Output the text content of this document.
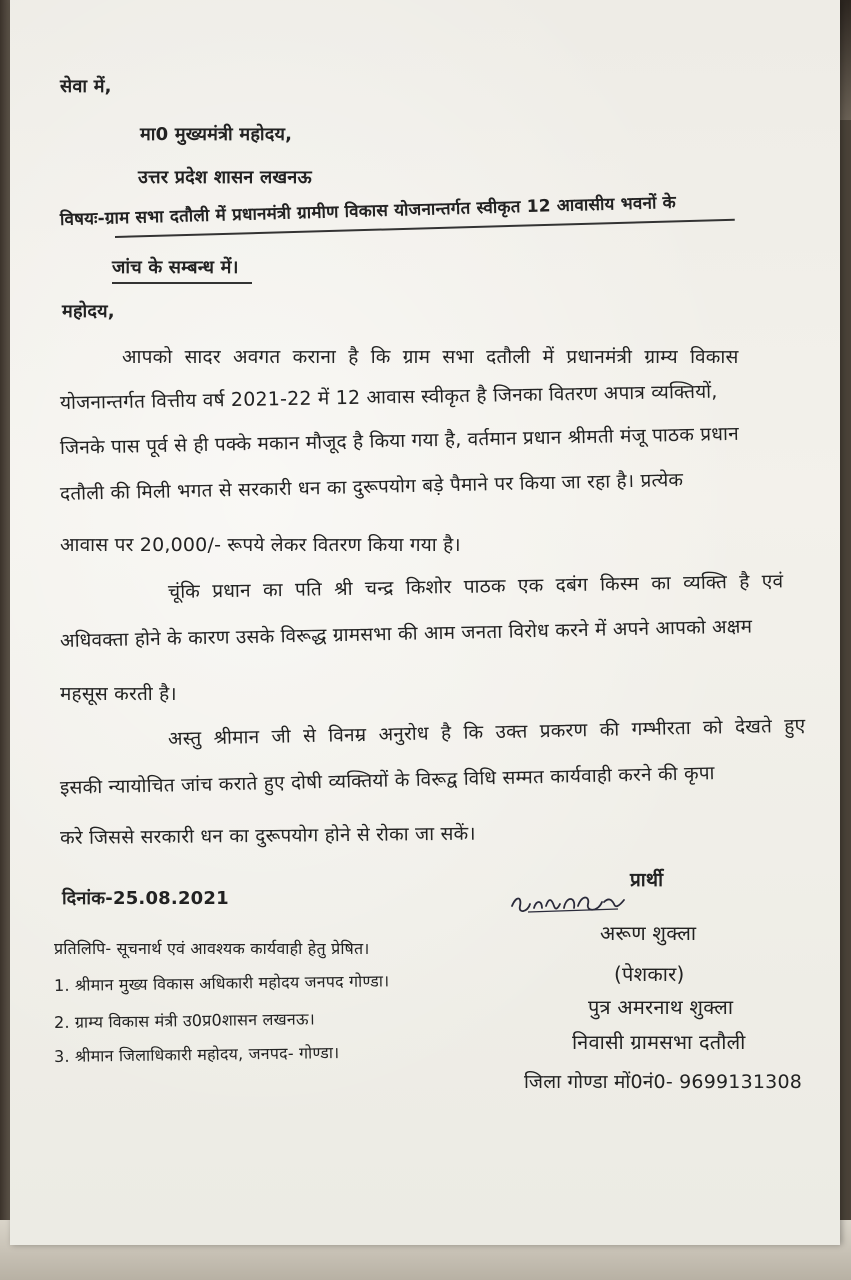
सेवा में,
मा0 मुख्यमंत्री महोदय,
उत्तर प्रदेश शासन लखनऊ
विषयः-ग्राम सभा दतौली में प्रधानमंत्री ग्रामीण विकास योजनान्तर्गत स्वीकृत 12 आवासीय भवनों के
जांच के सम्बन्ध में।
महोदय,
आपको सादर अवगत कराना है कि ग्राम सभा दतौली में प्रधानमंत्री ग्राम्य विकास
योजनान्तर्गत वित्तीय वर्ष 2021-22 में 12 आवास स्वीकृत है जिनका वितरण अपात्र व्यक्तियों,
जिनके पास पूर्व से ही पक्के मकान मौजूद है किया गया है, वर्तमान प्रधान श्रीमती मंजू पाठक प्रधान
दतौली की मिली भगत से सरकारी धन का दुरूपयोग बड़े पैमाने पर किया जा रहा है। प्रत्येक
आवास पर 20,000/- रूपये लेकर वितरण किया गया है।
चूंकि प्रधान का पति श्री चन्द्र किशोर पाठक एक दबंग किस्म का व्यक्ति है एवं
अधिवक्ता होने के कारण उसके विरूद्ध ग्रामसभा की आम जनता विरोध करने में अपने आपको अक्षम
महसूस करती है।
अस्तु श्रीमान जी से विनम्र अनुरोध है कि उक्त प्रकरण की गम्भीरता को देखते हुए
इसकी न्यायोचित जांच कराते हुए दोषी व्यक्तियों के विरूद्व विधि सम्मत कार्यवाही करने की कृपा
करे जिससे सरकारी धन का दुरूपयोग होने से रोका जा सकें।
दिनांक-25.08.2021
प्रतिलिपि- सूचनार्थ एवं आवश्यक कार्यवाही हेतु प्रेषित।
1. श्रीमान मुख्य विकास अधिकारी महोदय जनपद गोण्डा।
2. ग्राम्य विकास मंत्री उ0प्र0शासन लखनऊ।
3. श्रीमान जिलाधिकारी महोदय, जनपद- गोण्डा।
प्रार्थी
अरूण शुक्ला
(पेशकार)
पुत्र अमरनाथ शुक्ला
निवासी ग्रामसभा दतौली
जिला गोण्डा मों0नं0- 9699131308
